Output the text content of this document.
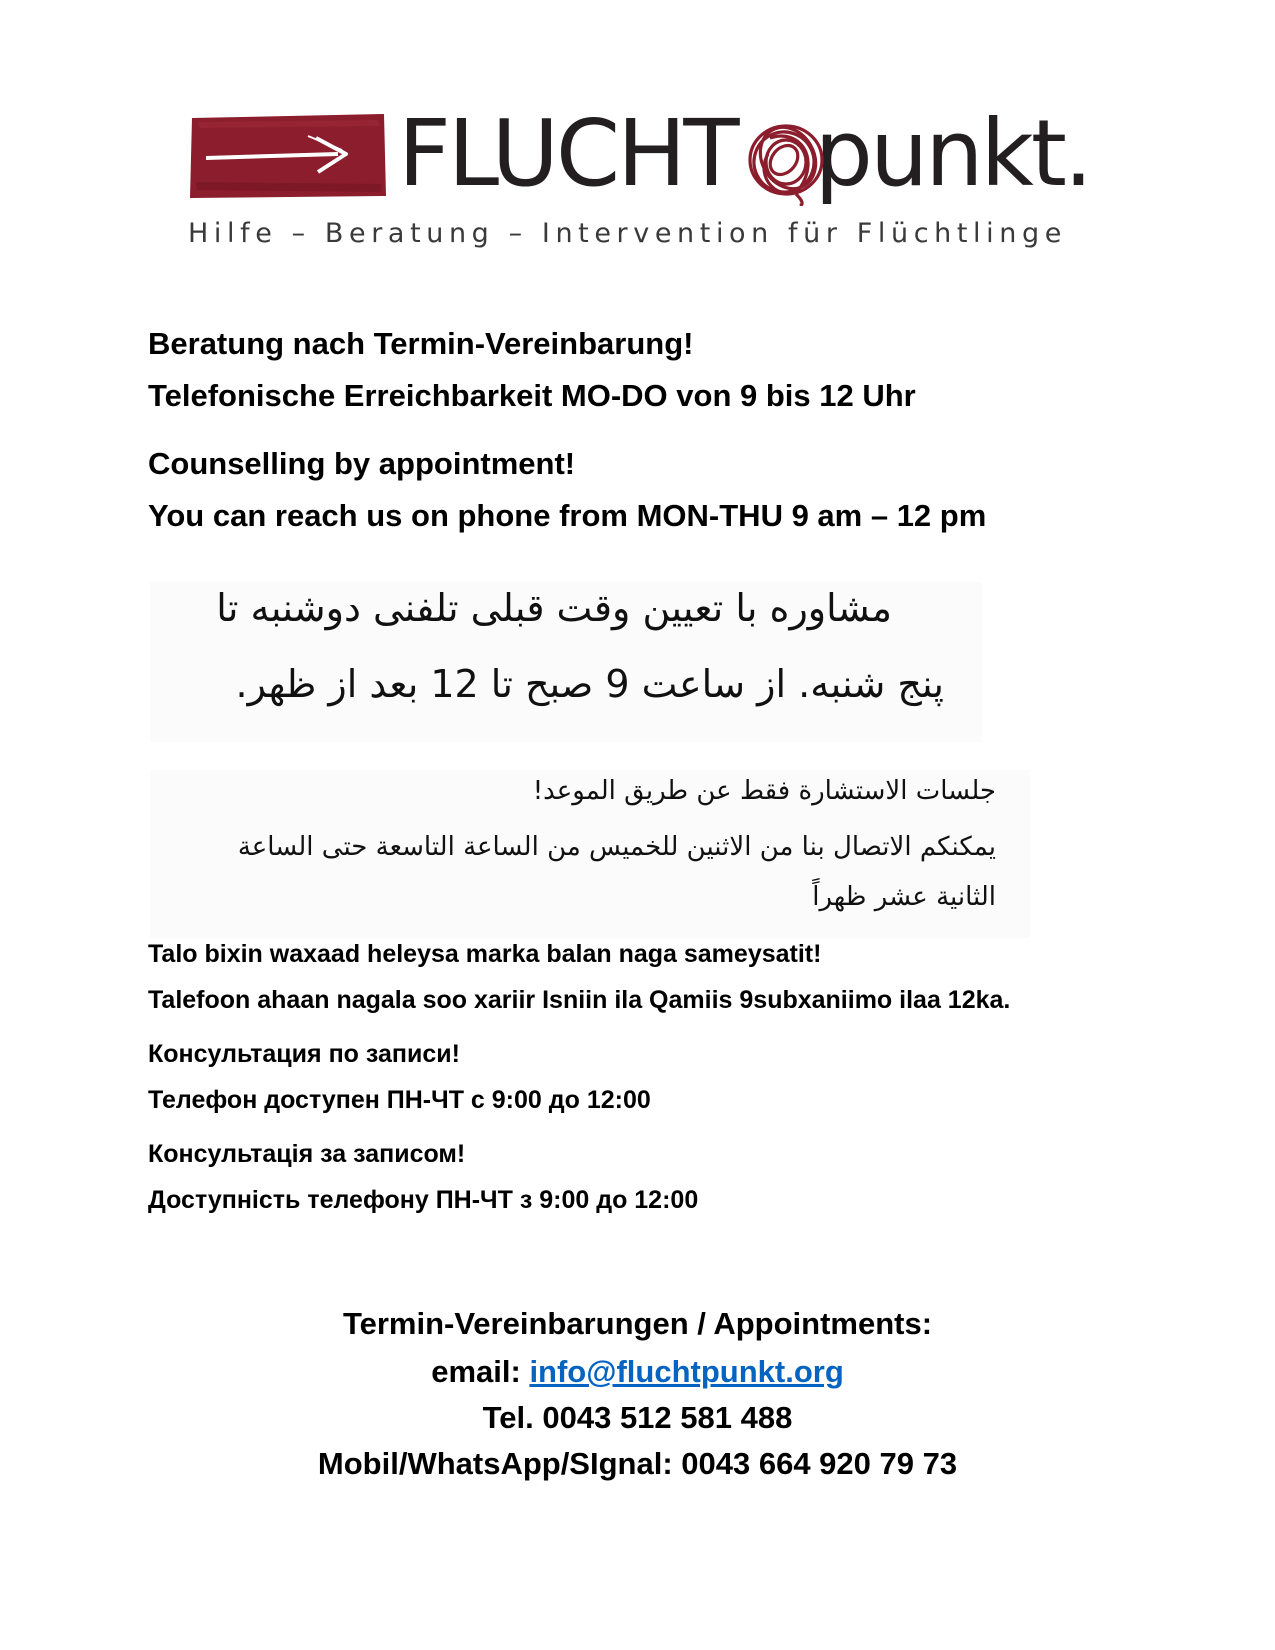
FLUCHT punkt.
Hilfe – Beratung – Intervention für Flüchtlinge
Beratung nach Termin-Vereinbarung!
Telefonische Erreichbarkeit MO-DO von 9 bis 12 Uhr
Counselling by appointment!
You can reach us on phone from MON-THU 9 am – 12 pm
مشاوره با تعیین وقت قبلی تلفنی دوشنبه تا
پنج شنبه. از ساعت 9 صبح تا 12 بعد از ظهر.
جلسات الاستشارة فقط عن طريق الموعد!
يمكنكم الاتصال بنا من الاثنين للخميس من الساعة التاسعة حتى الساعة
الثانية عشر ظهراً
Talo bixin waxaad heleysa marka balan naga sameysatit!
Talefoon ahaan nagala soo xariir Isniin ila Qamiis 9subxaniimo ilaa 12ka.
Консультация по записи!
Телефон доступен ПН-ЧТ с 9:00 до 12:00
Консультація за записом!
Доступність телефону ПН-ЧТ з 9:00 до 12:00
Termin-Vereinbarungen / Appointments:
email: info@fluchtpunkt.org
Tel. 0043 512 581 488
Mobil/WhatsApp/SIgnal: 0043 664 920 79 73
